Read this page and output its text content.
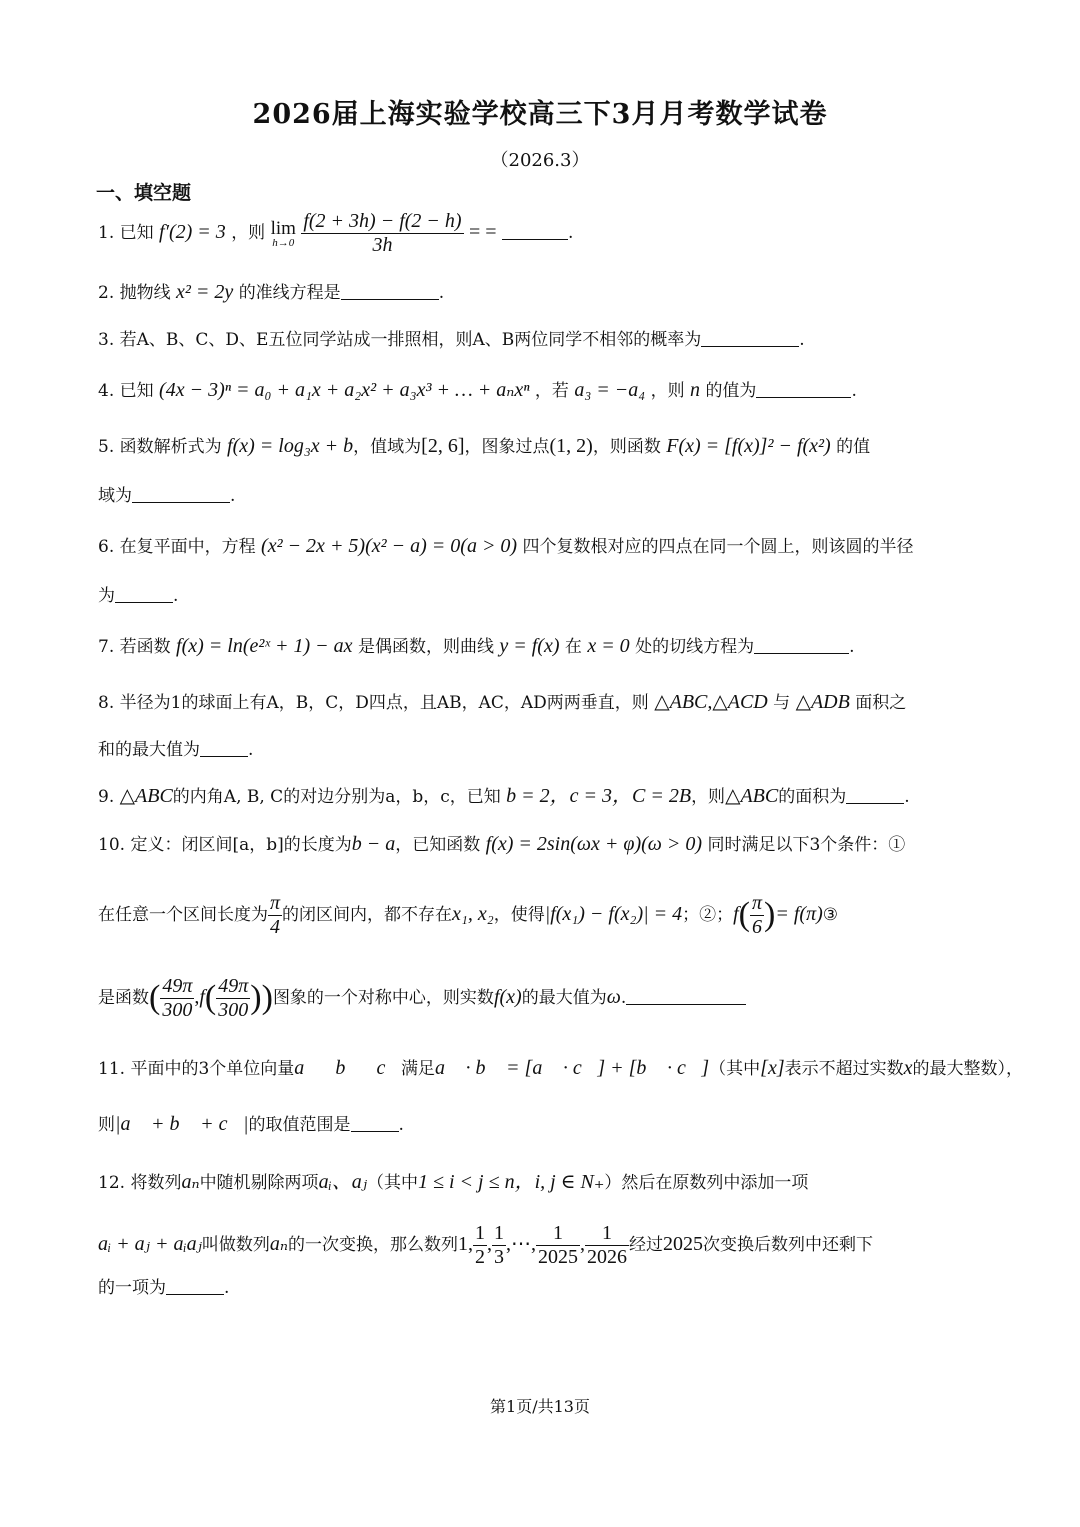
2026届上海实验学校高三下3月月考数学试卷
（2026.3）
一、填空题
1. 已知 f′(2) = 3 ，则 lim
h→0
$\frac{f(2 + 3h) - f(2 - h)}{3h}$ = =	.
2. 抛物线 x² = 2y 的准线方程是	.
3. 若A、B、C、D、E五位同学站成一排照相，则A、B两位同学不相邻的概率为	.
4. 已知 (4x − 3)ⁿ = a₀ + a₁x + a₂x² + a₃x³ + … + aₙxⁿ ，若 a₃ = −a₄ ，则 n 的值为	.
5. 函数解析式为 f(x) = log₃x + b，值域为[2, 6]，图象过点(1, 2)，则函数 F(x) = [f(x)]² − f(x²) 的值
域为	.
6. 在复平面中，方程 (x² − 2x + 5)(x² − a) = 0(a > 0) 四个复数根对应的四点在同一个圆上，则该圆的半径
为	.
7. 若函数 f(x) = ln(e²ˣ + 1) − ax 是偶函数，则曲线 y = f(x) 在 x = 0 处的切线方程为	.
8. 半径为1的球面上有A，B，C，D四点，且AB，AC，AD两两垂直，则 △ABC,△ACD 与 △ADB 面积之
和的最大值为	.
9. △ABC的内角A, B, C的对边分别为a，b，c，已知 b = 2，c = 3，C = 2B，则△ABC的面积为	.
10. 定义：闭区间[a，b]的长度为b − a，已知函数 f(x) = 2sin(ωx + φ)(ω > 0) 同时满足以下3个条件：①
在任意一个区间长度为 $\frac{\pi}{4}$ 的闭区间内，都不存在x₁, x₂，使得|f(x₁) − f(x₂)| = 4；②；$f( \frac{\pi}{6}$ )= f(π)③
是函数( $\frac{49\pi}{300} ,f( \frac{49\pi}{300}$ ))图象的一个对称中心，则实数f(x)的最大值为ω.
11. 平面中的3个单位向量a⃗，b⃗，c⃗满足a⃗ · b⃗ = [a⃗ · c⃗] + [b⃗ · c⃗]（其中[x]表示不超过实数x的最大整数），
则|a⃗ + b⃗ + c⃗|的取值范围是	.
12. 将数列aₙ中随机剔除两项aᵢ、aⱼ（其中1 ≤ i < j ≤ n，i, j ∈ N₊）然后在原数列中添加一项
aᵢ + aⱼ + aᵢaⱼ叫做数列aₙ的一次变换，那么数列1, $\frac{1}{2}$ , $\frac{1}{3}$ ,⋯, $\frac{1}{2025}$ , $\frac{1}{2026}$ 经过2025次变换后数列中还剩下
的一项为	.
第1页/共13页
